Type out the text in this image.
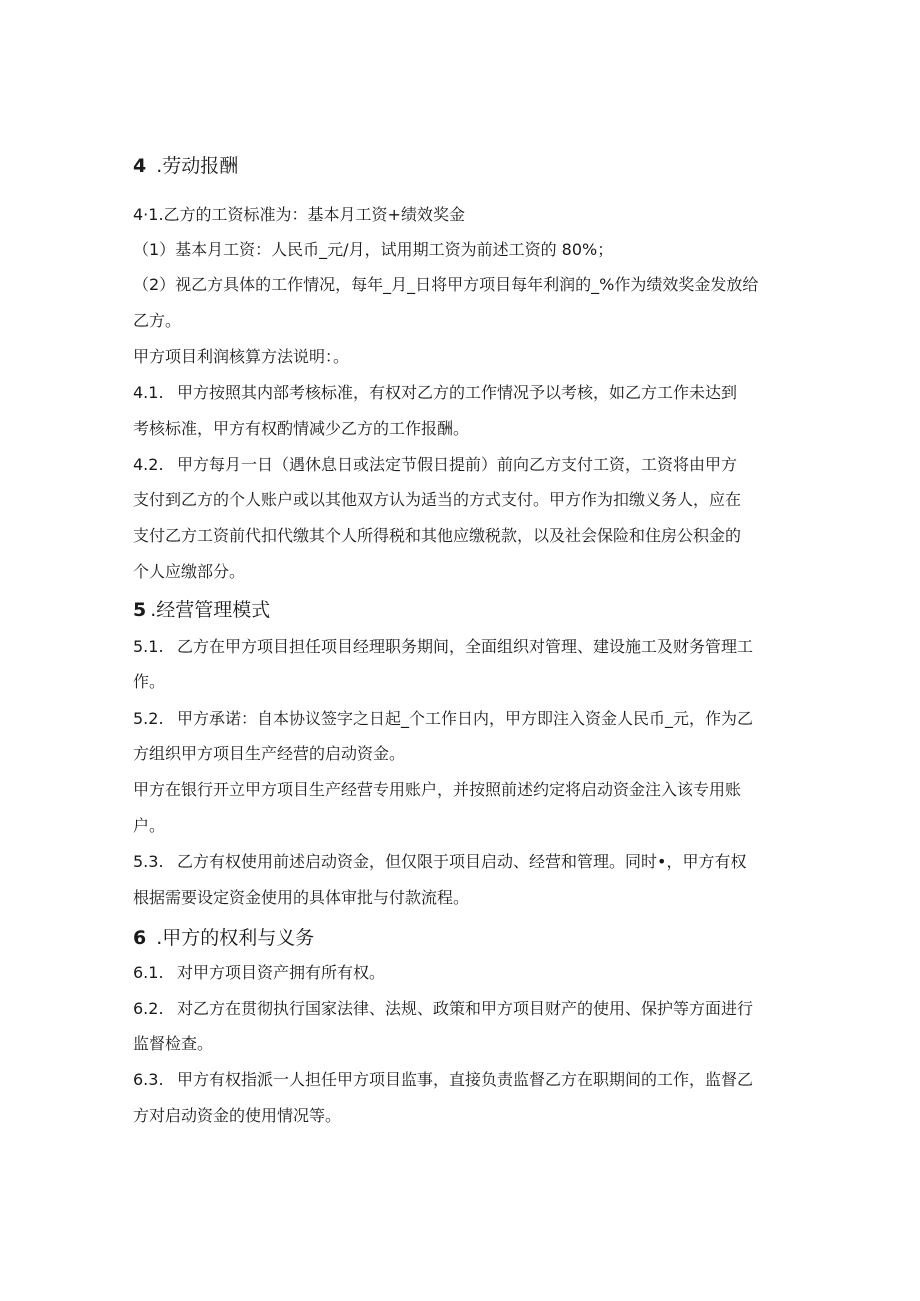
4 .劳动报酬
4·1.乙方的工资标准为：基本月工资+绩效奖金
（1）基本月工资：人民币_元/月，试用期工资为前述工资的 80%；
（2）视乙方具体的工作情况，每年_月_日将甲方项目每年利润的_%作为绩效奖金发放给
乙方。
甲方项目利润核算方法说明：。
4.1. 甲方按照其内部考核标准，有权对乙方的工作情况予以考核，如乙方工作未达到
考核标准，甲方有权酌情减少乙方的工作报酬。
4.2. 甲方每月一日（遇休息日或法定节假日提前）前向乙方支付工资，工资将由甲方
支付到乙方的个人账户或以其他双方认为适当的方式支付。甲方作为扣缴义务人，应在
支付乙方工资前代扣代缴其个人所得税和其他应缴税款，以及社会保险和住房公积金的
个人应缴部分。
5 .经营管理模式
5.1. 乙方在甲方项目担任项目经理职务期间，全面组织对管理、建设施工及财务管理工
作。
5.2. 甲方承诺：自本协议签字之日起_个工作日内，甲方即注入资金人民币_元，作为乙
方组织甲方项目生产经营的启动资金。
甲方在银行开立甲方项目生产经营专用账户，并按照前述约定将启动资金注入该专用账
户。
5.3. 乙方有权使用前述启动资金，但仅限于项目启动、经营和管理。同时•，甲方有权
根据需要设定资金使用的具体审批与付款流程。
6 .甲方的权利与义务
6.1. 对甲方项目资产拥有所有权。
6.2. 对乙方在贯彻执行国家法律、法规、政策和甲方项目财产的使用、保护等方面进行
监督检查。
6.3. 甲方有权指派一人担任甲方项目监事，直接负责监督乙方在职期间的工作，监督乙
方对启动资金的使用情况等。
